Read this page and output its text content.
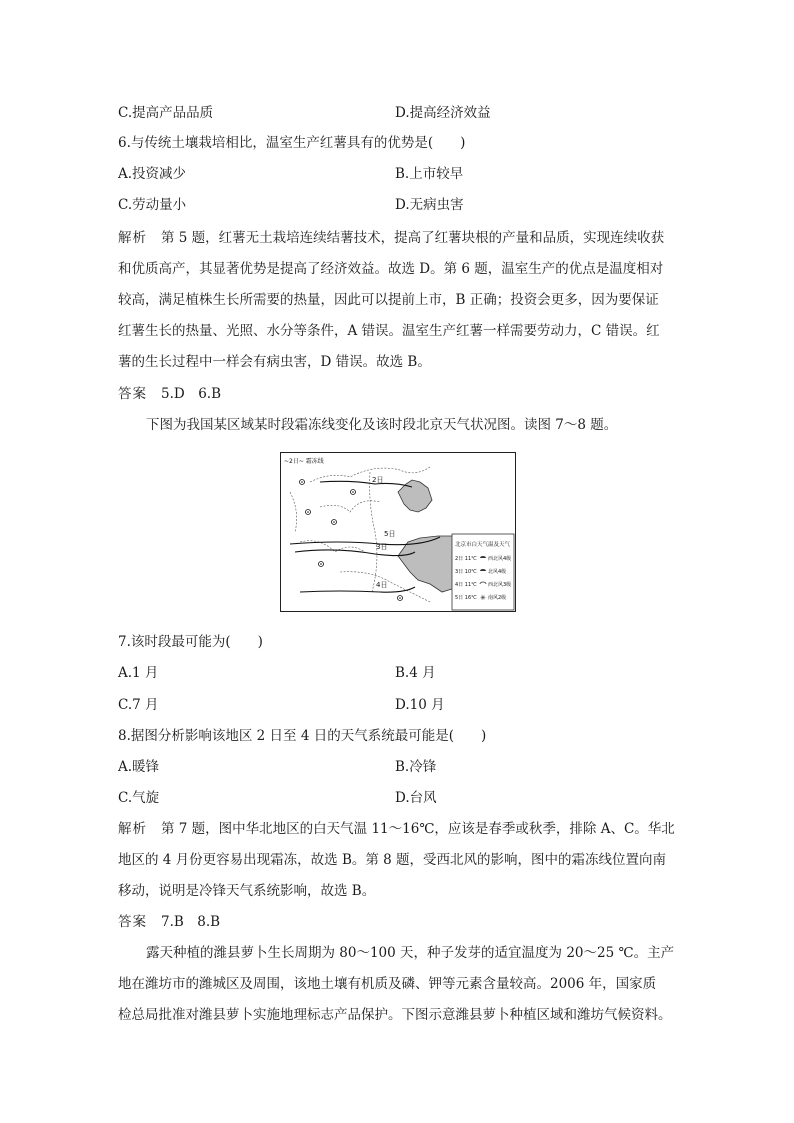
C.提高产品品质	D.提高经济效益
6.与传统土壤栽培相比，温室生产红薯具有的优势是(　　)
A.投资减少	B.上市较早
C.劳动量小	D.无病虫害
解析 第 5 题，红薯无土栽培连续结薯技术，提高了红薯块根的产量和品质，实现连续收获
和优质高产，其显著优势是提高了经济效益。故选 D。第 6 题，温室生产的优点是温度相对
较高，满足植株生长所需要的热量，因此可以提前上市，B 正确；投资会更多，因为要保证
红薯生长的热量、光照、水分等条件，A 错误。温室生产红薯一样需要劳动力，C 错误。红
薯的生长过程中一样会有病虫害，D 错误。故选 B。
答案 5.D　6.B
下图为我国某区域某时段霜冻线变化及该时段北京天气状况图。读图 7～8 题。
~2日~ 霜冻线
2日
5日
3日
4日
北京市白天气温及天气
2日 11℃ 西北风4级
3日 10℃ 北风4级
4日 11℃ 西北风3级
5日 16℃ ✳ 南风2级
7.该时段最可能为(　　)
A.1 月	B.4 月
C.7 月	D.10 月
8.据图分析影响该地区 2 日至 4 日的天气系统最可能是(　　)
A.暖锋	B.冷锋
C.气旋	D.台风
解析 第 7 题，图中华北地区的白天气温 11～16℃，应该是春季或秋季，排除 A、C。华北
地区的 4 月份更容易出现霜冻，故选 B。第 8 题，受西北风的影响，图中的霜冻线位置向南
移动，说明是冷锋天气系统影响，故选 B。
答案 7.B　8.B
露天种植的潍县萝卜生长周期为 80～100 天，种子发芽的适宜温度为 20～25 ℃。主产
地在潍坊市的潍城区及周围，该地土壤有机质及磷、钾等元素含量较高。2006 年，国家质
检总局批准对潍县萝卜实施地理标志产品保护。下图示意潍县萝卜种植区域和潍坊气候资料。
